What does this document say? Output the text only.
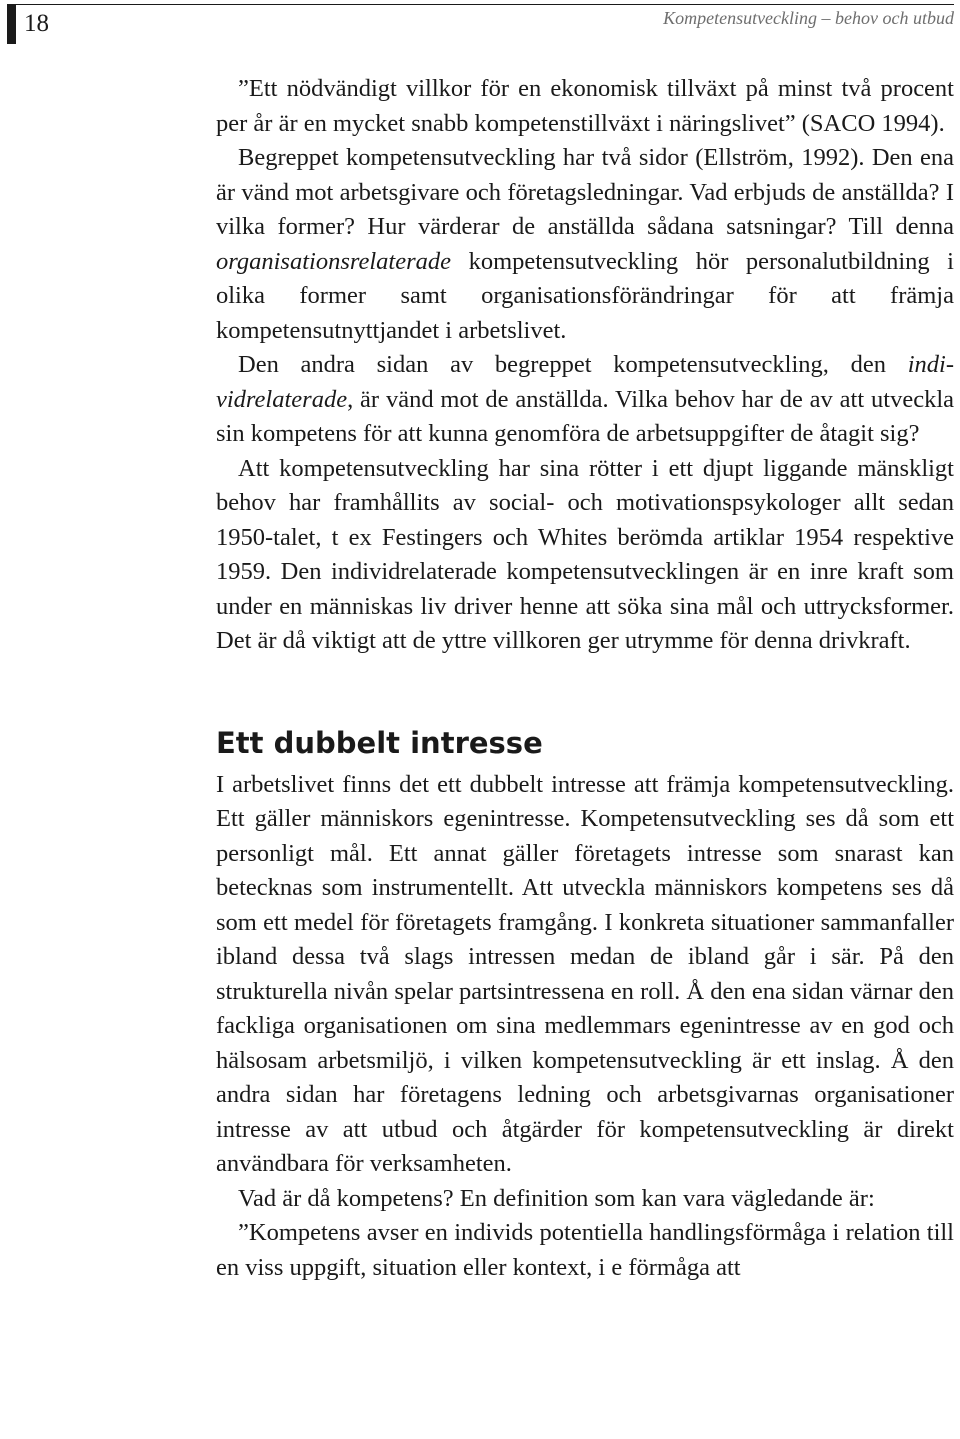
18	Kompetensutveckling – behov och utbud

”Ett nödvändigt villkor för en ekonomisk tillväxt på minst två procent per år är en mycket snabb kompetenstillväxt i näringslivet” (SACO 1994).

Begreppet kompetensutveckling har två sidor (Ellström, 1992). Den ena är vänd mot arbetsgivare och företagsledningar. Vad erbjuds de anställda? I vilka former? Hur värderar de anställda sådana satsningar? Till denna organisationsrelaterade kompetensutveckling hör personalutbildning i olika former samt organisationsförändringar för att främja kompetensutnyttjandet i arbetslivet.

Den andra sidan av begreppet kompetensutveckling, den individrelaterade, är vänd mot de anställda. Vilka behov har de av att utveckla sin kompetens för att kunna genomföra de arbetsuppgifter de åtagit sig?

Att kompetensutveckling har sina rötter i ett djupt liggande mänskligt behov har framhållits av social- och motivationspsykologer allt sedan 1950-talet, t ex Festingers och Whites berömda artiklar 1954 respektive 1959. Den individrelaterade kompetensutvecklingen är en inre kraft som under en människas liv driver henne att söka sina mål och uttrycksformer. Det är då viktigt att de yttre villkoren ger utrymme för denna drivkraft.

Ett dubbelt intresse

I arbetslivet finns det ett dubbelt intresse att främja kompetensutveckling. Ett gäller människors egenintresse. Kompetensutveckling ses då som ett personligt mål. Ett annat gäller företagets intresse som snarast kan betecknas som instrumentellt. Att utveckla människors kompetens ses då som ett medel för företagets framgång. I konkreta situationer sammanfaller ibland dessa två slags intressen medan de ibland går i sär. På den strukturella nivån spelar partsintressena en roll. Å den ena sidan värnar den fackliga organisationen om sina medlemmars egenintresse av en god och hälsosam arbetsmiljö, i vilken kompetensutveckling är ett inslag. Å den andra sidan har företagens ledning och arbetsgivarnas organisationer intresse av att utbud och åtgärder för kompetensutveckling är direkt användbara för verksamheten.

Vad är då kompetens? En definition som kan vara vägledande är:

”Kompetens avser en individs potentiella handlingsförmåga i relation till en viss uppgift, situation eller kontext, i e förmåga att
